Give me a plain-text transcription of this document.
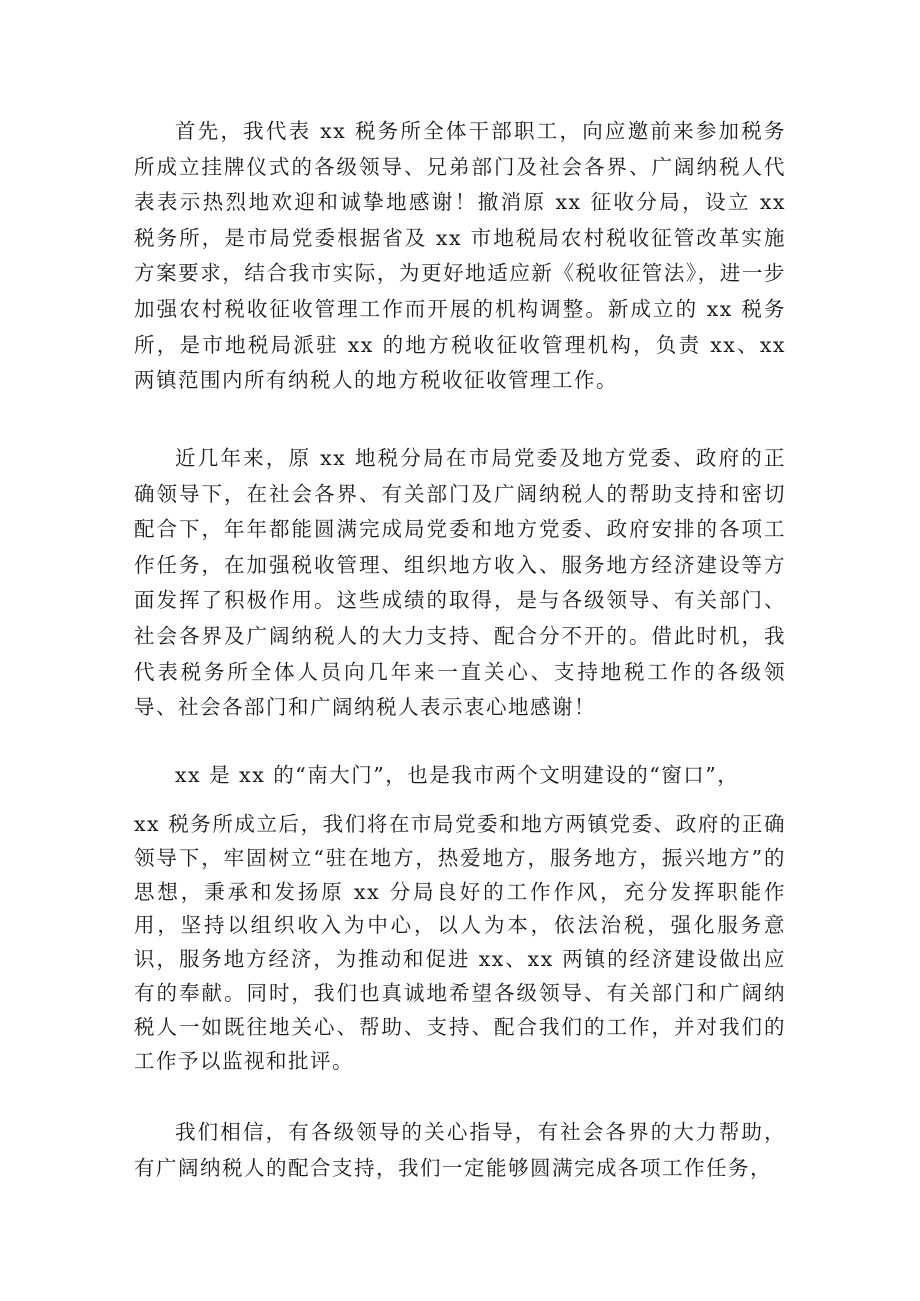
首先，我代表 xx 税务所全体干部职工，向应邀前来参加税务所成立挂牌仪式的各级领导、兄弟部门及社会各界、广阔纳税人代表表示热烈地欢迎和诚挚地感谢！撤消原 xx 征收分局，设立 xx 税务所，是市局党委根据省及 xx 市地税局农村税收征管改革实施方案要求，结合我市实际，为更好地适应新《税收征管法》，进一步加强农村税收征收管理工作而开展的机构调整。新成立的 xx 税务所，是市地税局派驻 xx 的地方税收征收管理机构，负责 xx、xx 两镇范围内所有纳税人的地方税收征收管理工作。

近几年来，原 xx 地税分局在市局党委及地方党委、政府的正确领导下，在社会各界、有关部门及广阔纳税人的帮助支持和密切配合下，年年都能圆满完成局党委和地方党委、政府安排的各项工作任务，在加强税收管理、组织地方收入、服务地方经济建设等方面发挥了积极作用。这些成绩的取得，是与各级领导、有关部门、社会各界及广阔纳税人的大力支持、配合分不开的。借此时机，我代表税务所全体人员向几年来一直关心、支持地税工作的各级领导、社会各部门和广阔纳税人表示衷心地感谢！

xx 是 xx 的“南大门”，也是我市两个文明建设的“窗口”，

xx 税务所成立后，我们将在市局党委和地方两镇党委、政府的正确领导下，牢固树立“驻在地方，热爱地方，服务地方，振兴地方”的思想，秉承和发扬原 xx 分局良好的工作作风，充分发挥职能作用，坚持以组织收入为中心，以人为本，依法治税，强化服务意识，服务地方经济，为推动和促进 xx、xx 两镇的经济建设做出应有的奉献。同时，我们也真诚地希望各级领导、有关部门和广阔纳税人一如既往地关心、帮助、支持、配合我们的工作，并对我们的工作予以监视和批评。

我们相信，有各级领导的关心指导，有社会各界的大力帮助，有广阔纳税人的配合支持，我们一定能够圆满完成各项工作任务，
